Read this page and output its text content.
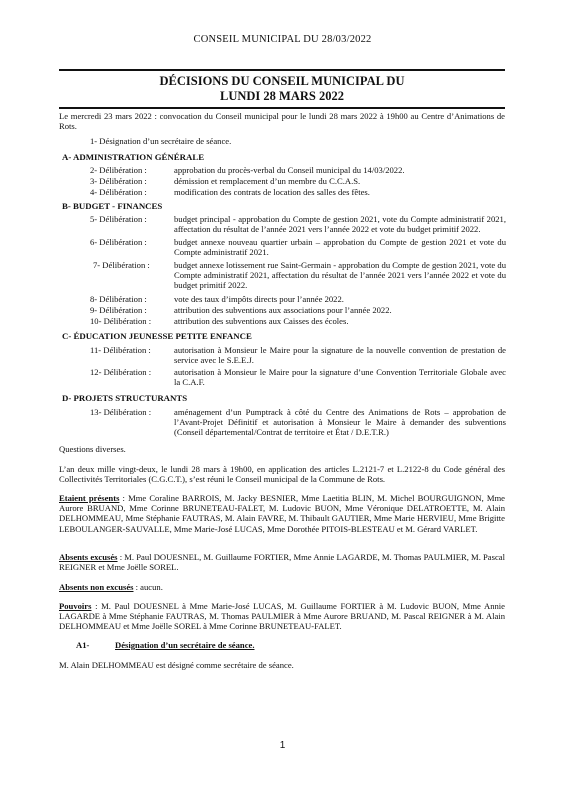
CONSEIL MUNICIPAL DU 28/03/2022
DÉCISIONS DU CONSEIL MUNICIPAL DU
LUNDI 28 MARS 2022
Le mercredi 23 mars 2022 : convocation du Conseil municipal pour le lundi 28 mars 2022 à 19h00 au Centre d’Animations de Rots.
1- Désignation d’un secrétaire de séance.
A- ADMINISTRATION GÉNÉRALE
2- Délibération :	approbation du procès-verbal du Conseil municipal du 14/03/2022.
3- Délibération :	démission et remplacement d’un membre du C.C.A.S.
4- Délibération :	modification des contrats de location des salles des fêtes.
B- BUDGET - FINANCES
5- Délibération :	budget principal - approbation du Compte de gestion 2021, vote du Compte administratif 2021, affectation du résultat de l’année 2021 vers l’année 2022 et vote du budget primitif 2022.
6- Délibération :	budget annexe nouveau quartier urbain – approbation du Compte de gestion 2021 et vote du Compte administratif 2021.
7- Délibération :	budget annexe lotissement rue Saint-Germain - approbation du Compte de gestion 2021, vote du Compte administratif 2021, affectation du résultat de l’année 2021 vers l’année 2022 et vote du budget primitif 2022.
8- Délibération :	vote des taux d’impôts directs pour l’année 2022.
9- Délibération :	attribution des subventions aux associations pour l’année 2022.
10- Délibération :	attribution des subventions aux Caisses des écoles.
C- ÉDUCATION JEUNESSE PETITE ENFANCE
11- Délibération :	autorisation à Monsieur le Maire pour la signature de la nouvelle convention de prestation de service avec le S.E.E.J.
12- Délibération :	autorisation à Monsieur le Maire pour la signature d’une Convention Territoriale Globale avec la C.A.F.
D- PROJETS STRUCTURANTS
13- Délibération :	aménagement d’un Pumptrack à côté du Centre des Animations de Rots – approbation de l’Avant-Projet Définitif et autorisation à Monsieur le Maire à demander des subventions (Conseil départemental/Contrat de territoire et État / D.E.T.R.)
Questions diverses.
L’an deux mille vingt-deux, le lundi 28 mars à 19h00, en application des articles L.2121-7 et L.2122-8 du Code général des Collectivités Territoriales (C.G.C.T.), s’est réuni le Conseil municipal de la Commune de Rots.
Etaient présents : Mme Coraline BARROIS, M. Jacky BESNIER, Mme Laetitia BLIN, M. Michel BOURGUIGNON, Mme Aurore BRUAND, Mme Corinne BRUNETEAU-FALET, M. Ludovic BUON, Mme Véronique DELATROETTE, M. Alain DELHOMMEAU, Mme Stéphanie FAUTRAS, M. Alain FAVRE, M. Thibault GAUTIER, Mme Marie HERVIEU, Mme Brigitte LEBOULANGER-SAUVALLE, Mme Marie-José LUCAS, Mme Dorothée PITOIS-BLESTEAU et M. Gérard VARLET.
Absents excusés : M. Paul DOUESNEL, M. Guillaume FORTIER, Mme Annie LAGARDE, M. Thomas PAULMIER, M. Pascal REIGNER et Mme Joëlle SOREL.
Absents non excusés : aucun.
Pouvoirs : M. Paul DOUESNEL à Mme Marie-José LUCAS, M. Guillaume FORTIER à M. Ludovic BUON, Mme Annie LAGARDE à Mme Stéphanie FAUTRAS, M. Thomas PAULMIER à Mme Aurore BRUAND, M. Pascal REIGNER à M. Alain DELHOMMEAU et Mme Joëlle SOREL à Mme Corinne BRUNETEAU-FALET.
A1-	Désignation d’un secrétaire de séance.
M. Alain DELHOMMEAU est désigné comme secrétaire de séance.
1
